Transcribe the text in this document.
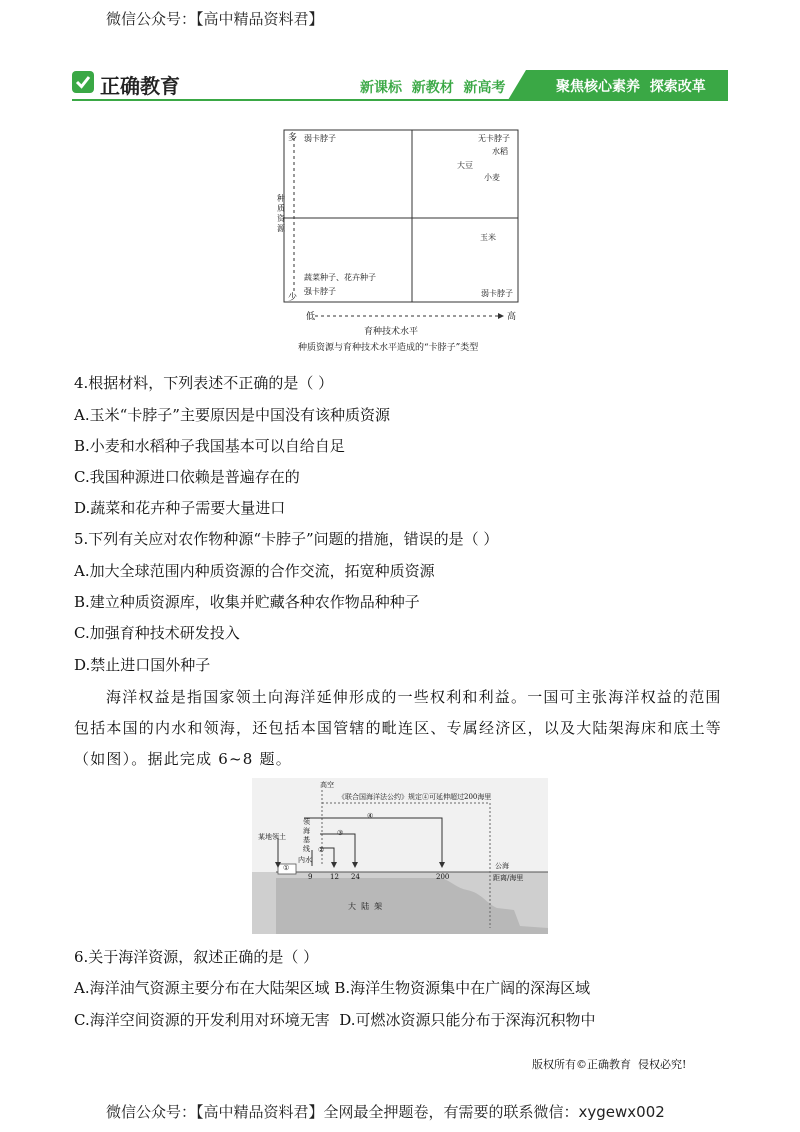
微信公众号：【高中精品资料君】
正确教育	新课标  新教材  新高考	聚焦核心素养  探索改革
多
少
种
质
资
源
低	高
育种技术水平
种质资源与育种技术水平造成的“卡脖子”类型
弱卡脖子	无卡脖子
水稻
大豆
小麦
玉米
弱卡脖子
蔬菜种子、花卉种子
强卡脖子
4.根据材料，下列表述不正确的是（ ）
A.玉米“卡脖子”主要原因是中国没有该种质资源
B.小麦和水稻种子我国基本可以自给自足
C.我国种源进口依赖是普遍存在的
D.蔬菜和花卉种子需要大量进口
5.下列有关应对农作物种源“卡脖子”问题的措施，错误的是（ ）
A.加大全球范围内种质资源的合作交流，拓宽种质资源
B.建立种质资源库，收集并贮藏各种农作物品种种子
C.加强育种技术研发投入
D.禁止进口国外种子
海洋权益是指国家领土向海洋延伸形成的一些权利和利益。一国可主张海洋权益的范围
包括本国的内水和领海，还包括本国管辖的毗连区、专属经济区，以及大陆架海床和底土等
（如图）。据此完成 6~8 题。
高空
《联合国海洋法公约》规定④可延伸超过200海里
某地领土
领
海
基
线
内水
①
②
③
④
9	12 24	200
公海
距离/海里
大  陆  架
6.关于海洋资源，叙述正确的是（ ）
A.海洋油气资源主要分布在大陆架区域 B.海洋生物资源集中在广阔的深海区域
C.海洋空间资源的开发利用对环境无害  D.可燃冰资源只能分布于深海沉积物中
版权所有©正确教育  侵权必究!
微信公众号：【高中精品资料君】全网最全押题卷，有需要的联系微信：xygewx002
